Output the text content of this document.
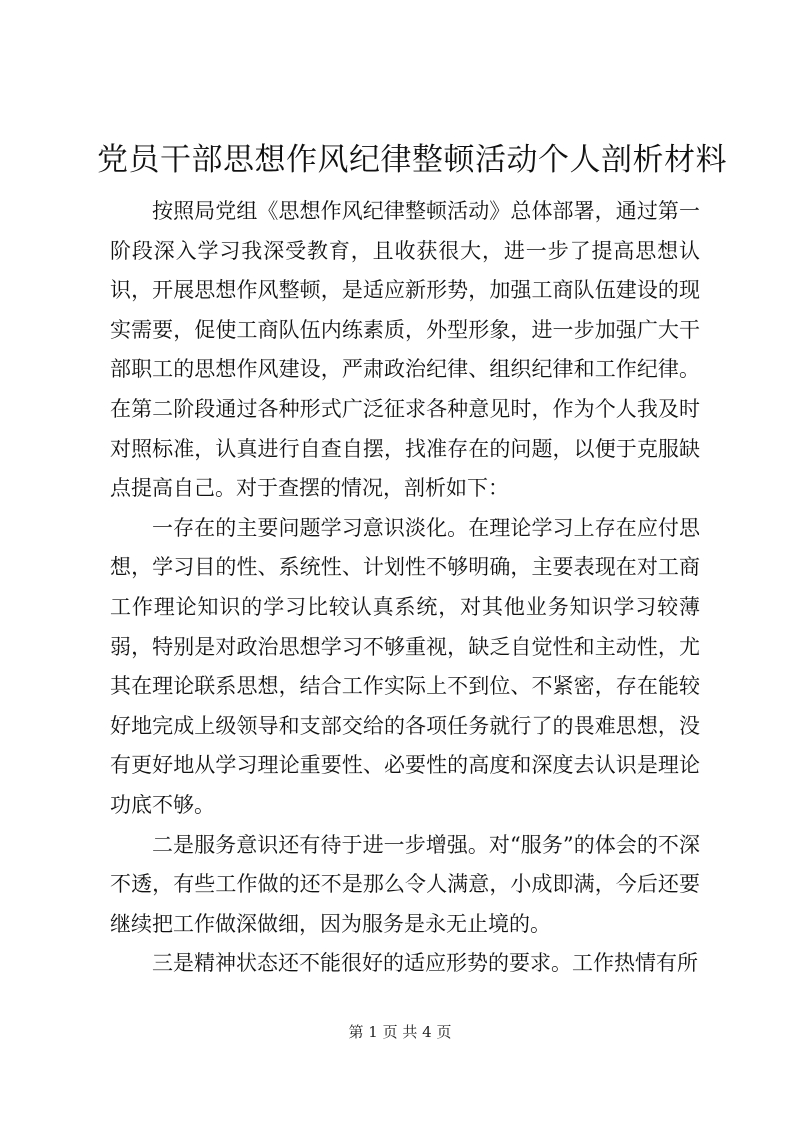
党员干部思想作风纪律整顿活动个人剖析材料

按照局党组《思想作风纪律整顿活动》总体部署，通过第一阶段深入学习我深受教育，且收获很大，进一步了提高思想认识，开展思想作风整顿，是适应新形势，加强工商队伍建设的现实需要，促使工商队伍内练素质，外型形象，进一步加强广大干部职工的思想作风建设，严肃政治纪律、组织纪律和工作纪律。在第二阶段通过各种形式广泛征求各种意见时，作为个人我及时对照标准，认真进行自查自摆，找准存在的问题，以便于克服缺点提高自己。对于查摆的情况，剖析如下：

一存在的主要问题学习意识淡化。在理论学习上存在应付思想，学习目的性、系统性、计划性不够明确，主要表现在对工商工作理论知识的学习比较认真系统，对其他业务知识学习较薄弱，特别是对政治思想学习不够重视，缺乏自觉性和主动性，尤其在理论联系思想，结合工作实际上不到位、不紧密，存在能较好地完成上级领导和支部交给的各项任务就行了的畏难思想，没有更好地从学习理论重要性、必要性的高度和深度去认识是理论功底不够。

二是服务意识还有待于进一步增强。对“服务”的体会的不深不透，有些工作做的还不是那么令人满意，小成即满，今后还要继续把工作做深做细，因为服务是永无止境的。

三是精神状态还不能很好的适应形势的要求。工作热情有所

第 1 页 共 4 页
